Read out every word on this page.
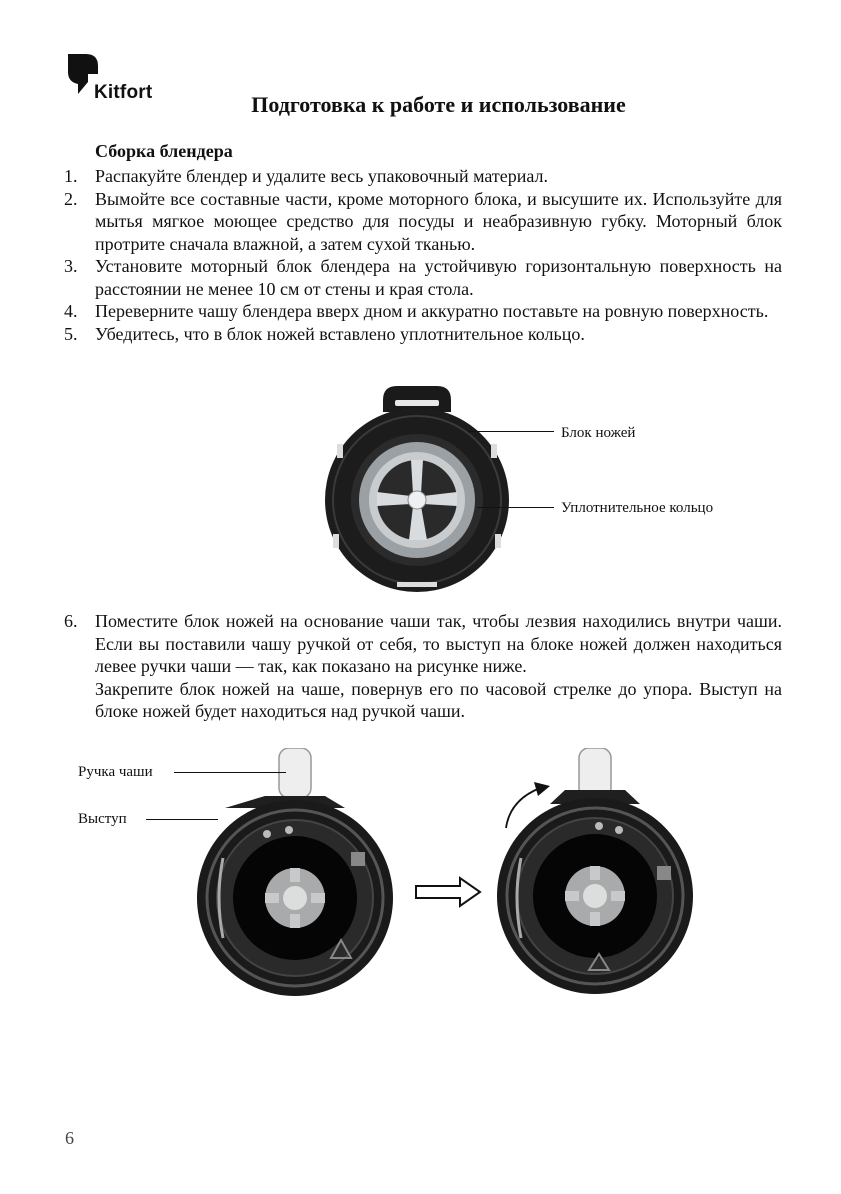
Kitfort	Подготовка к работе и использование
Сборка блендера
1. Распакуйте блендер и удалите весь упаковочный материал.
2. Вымойте все составные части, кроме моторного блока, и высушите их. Используйте для мытья мягкое моющее средство для посуды и неабразивную губку. Моторный блок протрите сначала влажной, а затем сухой тканью.
3. Установите моторный блок блендера на устойчивую горизонтальную поверхность на расстоянии не менее 10 см от стены и края стола.
4. Переверните чашу блендера вверх дном и аккуратно поставьте на ровную поверхность.
5. Убедитесь, что в блок ножей вставлено уплотнительное кольцо.
Блок ножей
Уплотнительное кольцо
6. Поместите блок ножей на основание чаши так, чтобы лезвия находились внутри чаши. Если вы поставили чашу ручкой от себя, то выступ на блоке ножей должен находиться левее ручки чаши — так, как показано на рисунке ниже.
Закрепите блок ножей на чаше, повернув его по часовой стрелке до упора. Выступ на блоке ножей будет находиться над ручкой чаши.
Ручка чаши
Выступ
6
